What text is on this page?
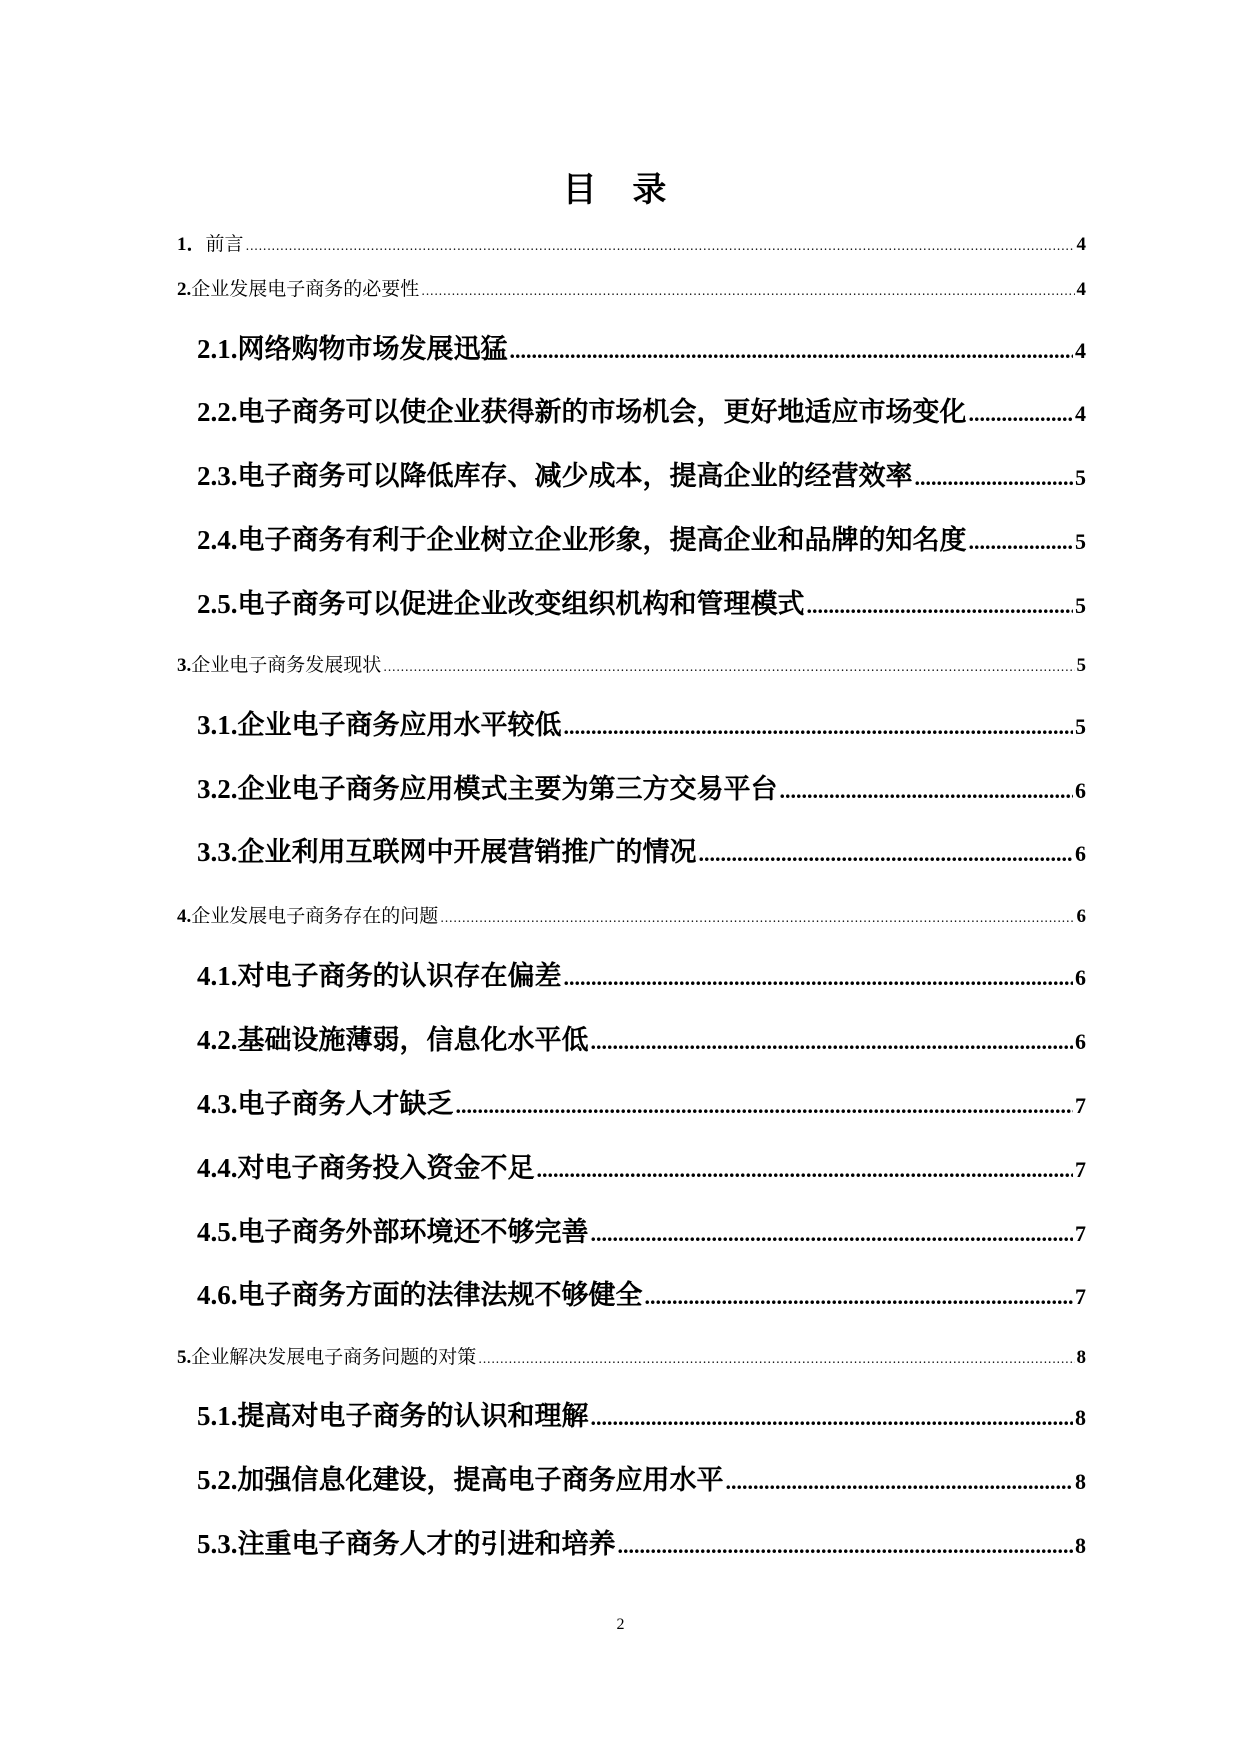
目 录
1． 前言 .....	4
2. 企业发展电子商务的必要性 .....	4
2.1. 网络购物市场发展迅猛 .....	4
2.2. 电子商务可以使企业获得新的市场机会，更好地适应市场变化 .....	4
2.3. 电子商务可以降低库存、减少成本，提高企业的经营效率 .....	5
2.4. 电子商务有利于企业树立企业形象，提高企业和品牌的知名度 .....	5
2.5. 电子商务可以促进企业改变组织机构和管理模式 .....	5
3. 企业电子商务发展现状 .....	5
3.1. 企业电子商务应用水平较低 .....	5
3.2. 企业电子商务应用模式主要为第三方交易平台 .....	6
3.3. 企业利用互联网中开展营销推广的情况 .....	6
4. 企业发展电子商务存在的问题 .....	6
4.1. 对电子商务的认识存在偏差 .....	6
4.2. 基础设施薄弱，信息化水平低 .....	6
4.3. 电子商务人才缺乏 .....	7
4.4. 对电子商务投入资金不足 .....	7
4.5. 电子商务外部环境还不够完善 .....	7
4.6. 电子商务方面的法律法规不够健全 .....	7
5. 企业解决发展电子商务问题的对策 .....	8
5.1. 提高对电子商务的认识和理解 .....	8
5.2. 加强信息化建设，提高电子商务应用水平 .....	8
5.3. 注重电子商务人才的引进和培养 .....	8
2
